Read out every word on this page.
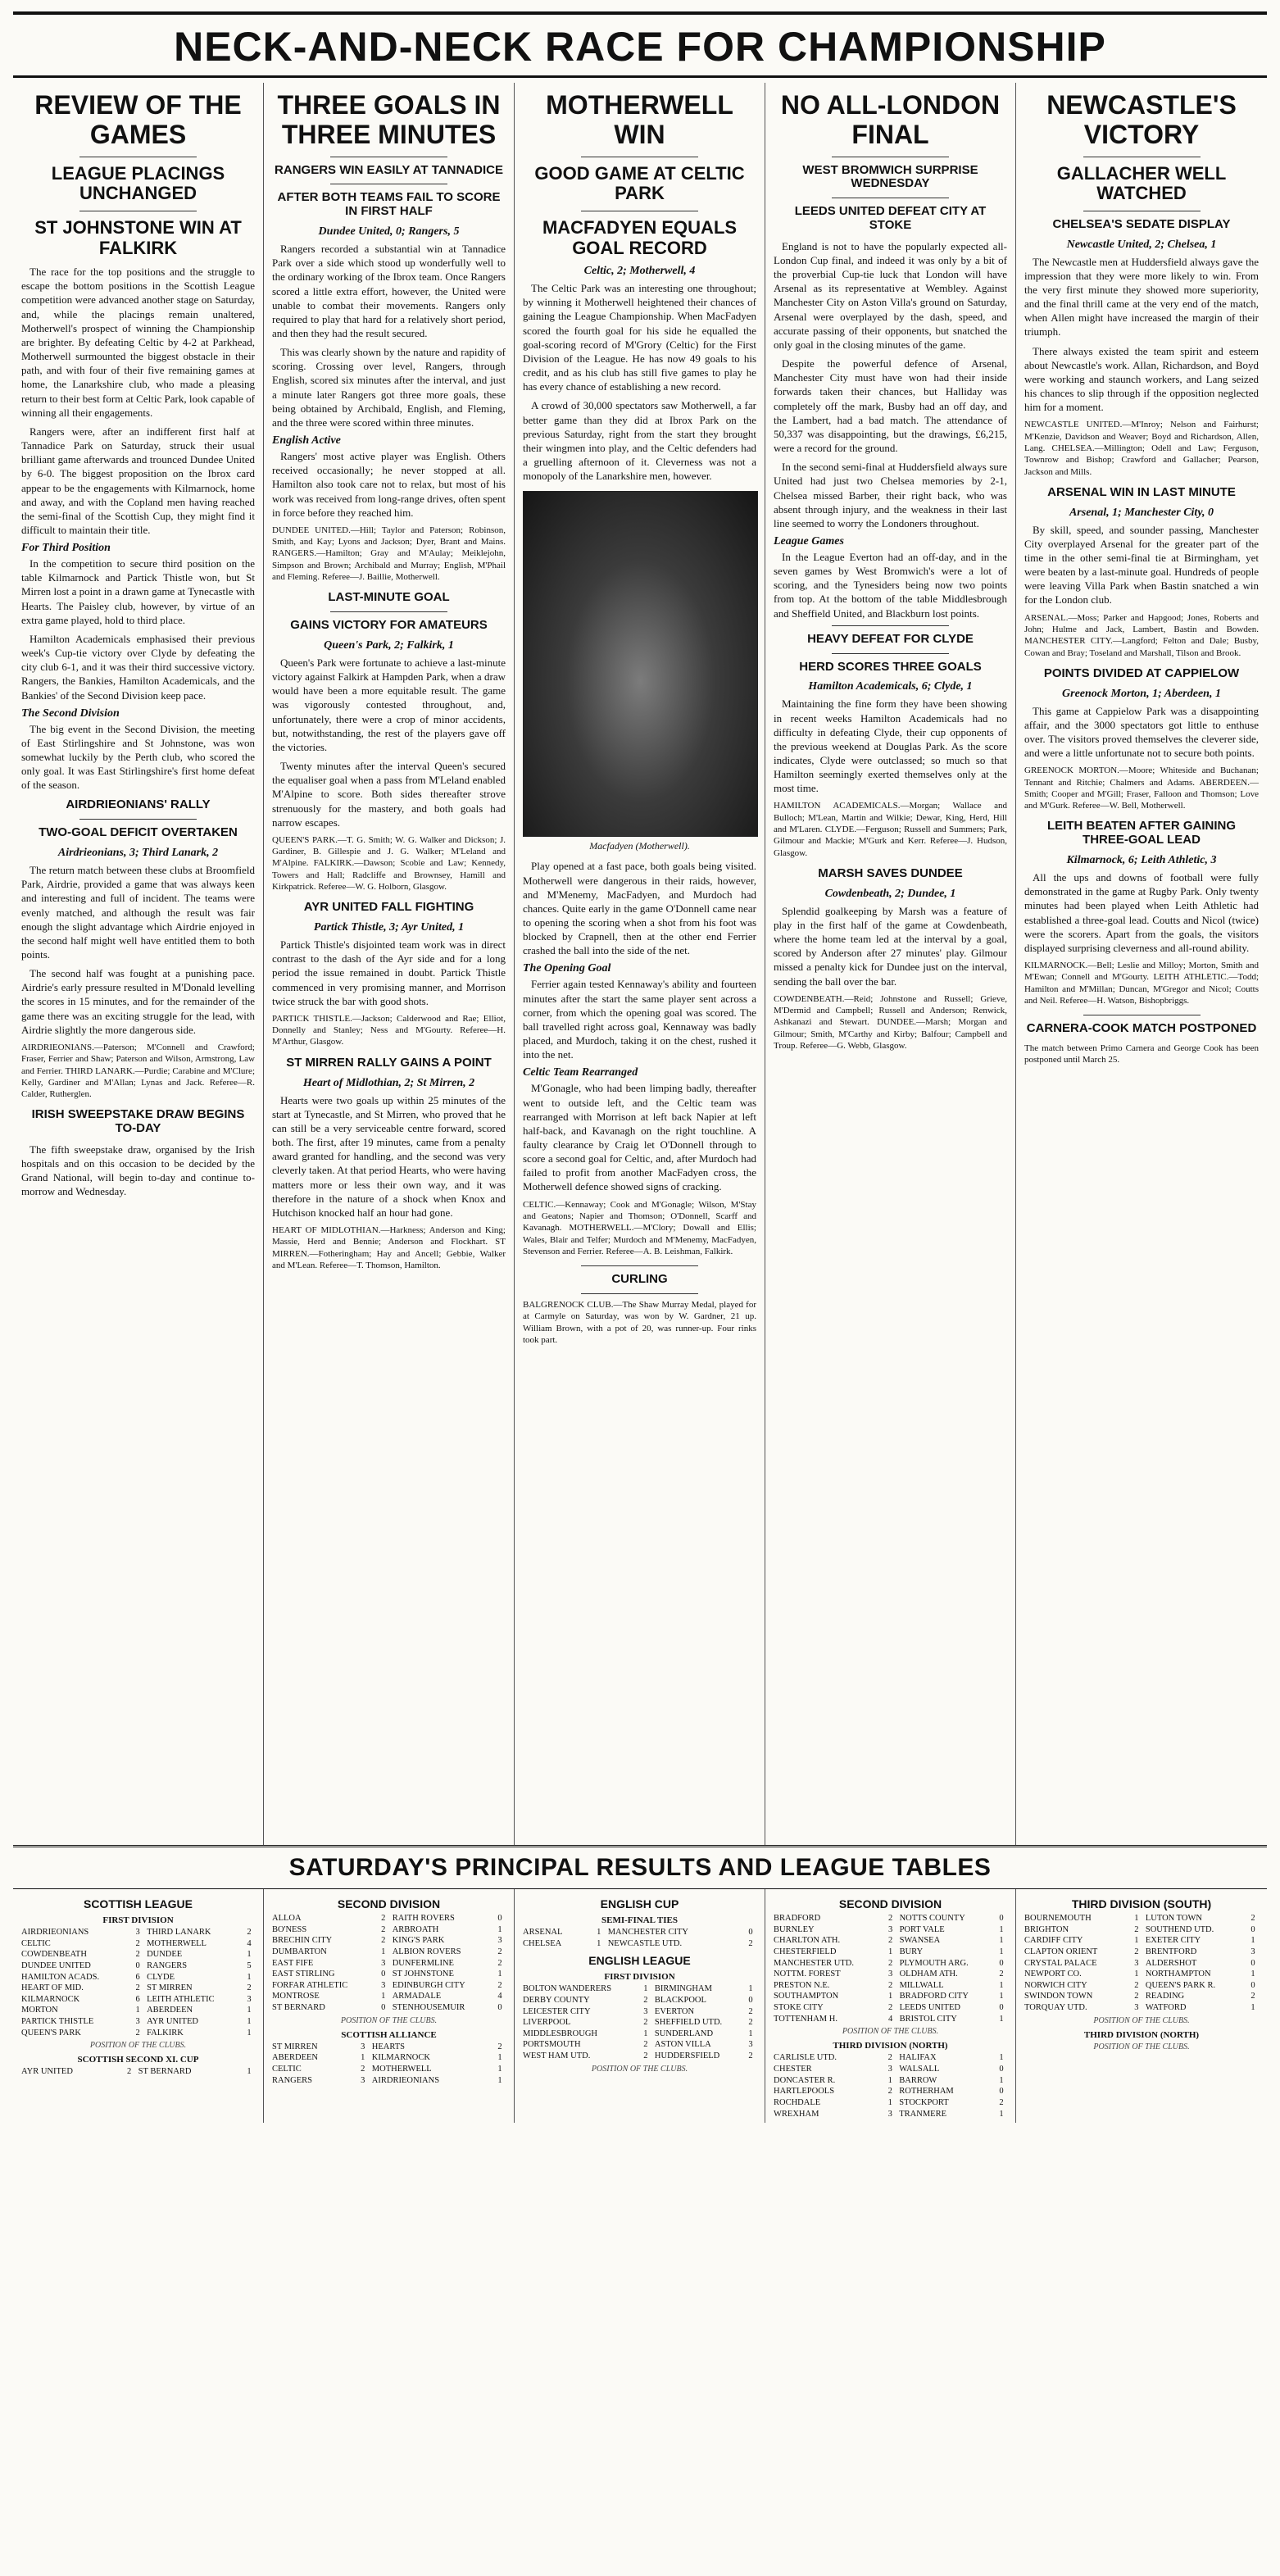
NECK-AND-NECK RACE FOR CHAMPIONSHIP
REVIEW OF THE GAMES
LEAGUE PLACINGS UNCHANGED
ST JOHNSTONE WIN AT FALKIRK

The race for the top positions and the struggle to escape the bottom positions in the Scottish League competition were advanced another stage on Saturday, and, while the placings remain unaltered, Motherwell's prospect of winning the Championship are brighter. By defeating Celtic by 4-2 at Parkhead, Motherwell surmounted the biggest obstacle in their path, and with four of their five remaining games at home, the Lanarkshire club, who made a pleasing return to their best form at Celtic Park, look capable of winning all their engagements.

Rangers were, after an indifferent first half at Tannadice Park on Saturday, struck their usual brilliant game afterwards and trounced Dundee United by 6-0. The biggest proposition on the Ibrox card appear to be the engagements with Kilmarnock, home and away, and with the Copland men having reached the semi-final of the Scottish Cup, they might find it difficult to maintain their title.

For Third Position

In the competition to secure third position on the table Kilmarnock and Partick Thistle won, but St Mirren lost a point in a drawn game at Tynecastle with Hearts. The Paisley club, however, by virtue of an extra game played, hold to third place.

Hamilton Academicals emphasised their previous week's Cup-tie victory over Clyde by defeating the city club 6-1, and it was their third successive victory. Rangers, the Bankies, Hamilton Academicals, and the Bankies' of the Second Division keep pace.

The Second Division

The big event in the Second Division, the meeting of East Stirlingshire and St Johnstone, was won somewhat luckily by the Perth club, who scored the only goal. It was East Stirlingshire's first home defeat of the season.

AIRDRIEONIANS' RALLY
TWO-GOAL DEFICIT OVERTAKEN
Airdrieonians, 3; Third Lanark, 2

The return match between these clubs at Broomfield Park, Airdrie, provided a game that was always keen and interesting and full of incident. The teams were evenly matched, and although the result was fair enough the slight advantage which Airdrie enjoyed in the second half might well have entitled them to both points.

The second half was fought at a punishing pace. Airdrie's early pressure resulted in M'Donald levelling the scores in 15 minutes, and for the remainder of the game there was an exciting struggle for the lead, with Airdrie slightly the more dangerous side.

AIRDRIEONIANS.—Paterson; M'Connell and Crawford; Fraser, Ferrier and Shaw; Paterson and Wilson, Armstrong, Law and Ferrier. THIRD LANARK.—Purdie; Carabine and M'Clure; Kelly, Gardiner and M'Allan; Lynas and Jack. Referee—R. Calder, Rutherglen.
IRISH SWEEPSTAKE DRAW BEGINS TO-DAY

The fifth sweepstake draw, organised by the Irish hospitals and on this occasion to be decided by the Grand National, will begin to-day and continue to-morrow and Wednesday.

THREE GOALS IN THREE MINUTES
RANGERS WIN EASILY AT TANNADICE
AFTER BOTH TEAMS FAIL TO SCORE IN FIRST HALF
Dundee United, 0; Rangers, 5

Rangers recorded a substantial win at Tannadice Park over a side which stood up wonderfully well to the ordinary working of the Ibrox team. Once Rangers scored a little extra effort, however, the United were unable to combat their movements. Rangers only required to play that hard for a relatively short period, and then they had the result secured.

This was clearly shown by the nature and rapidity of scoring. Crossing over level, Rangers, through English, scored six minutes after the interval, and just a minute later Rangers got three more goals, these being obtained by Archibald, English, and Fleming, and the three were scored within three minutes.

English Active

Rangers' most active player was English. Others received occasionally; he never stopped at all. Hamilton also took care not to relax, but most of his work was received from long-range drives, often spent in force before they reached him.

DUNDEE UNITED.—Hill; Taylor and Paterson; Robinson, Smith, and Kay; Lyons and Jackson; Dyer, Brant and Mains. RANGERS.—Hamilton; Gray and M'Aulay; Meiklejohn, Simpson and Brown; Archibald and Murray; English, M'Phail and Fleming. Referee—J. Baillie, Motherwell.
LAST-MINUTE GOAL
GAINS VICTORY FOR AMATEURS
Queen's Park, 2; Falkirk, 1

Queen's Park were fortunate to achieve a last-minute victory against Falkirk at Hampden Park, when a draw would have been a more equitable result. The game was vigorously contested throughout, and, unfortunately, there were a crop of minor accidents, but, notwithstanding, the rest of the players gave off the victories.

Twenty minutes after the interval Queen's secured the equaliser goal when a pass from M'Leland enabled M'Alpine to score. Both sides thereafter strove strenuously for the mastery, and both goals had narrow escapes.

QUEEN'S PARK.—T. G. Smith; W. G. Walker and Dickson; J. Gardiner, B. Gillespie and J. G. Walker; M'Leland and M'Alpine. FALKIRK.—Dawson; Scobie and Law; Kennedy, Towers and Hall; Radcliffe and Brownsey, Hamill and Kirkpatrick. Referee—W. G. Holborn, Glasgow.
AYR UNITED FALL FIGHTING
Partick Thistle, 3; Ayr United, 1

Partick Thistle's disjointed team work was in direct contrast to the dash of the Ayr side and for a long period the issue remained in doubt. Partick Thistle commenced in very promising manner, and Morrison twice struck the bar with good shots.

PARTICK THISTLE.—Jackson; Calderwood and Rae; Elliot, Donnelly and Stanley; Ness and M'Gourty. Referee—H. M'Arthur, Glasgow.
ST MIRREN RALLY GAINS A POINT
Heart of Midlothian, 2; St Mirren, 2

Hearts were two goals up within 25 minutes of the start at Tynecastle, and St Mirren, who proved that he can still be a very serviceable centre forward, scored both. The first, after 19 minutes, came from a penalty award granted for handling, and the second was very cleverly taken. At that period Hearts, who were having matters more or less their own way, and it was therefore in the nature of a shock when Knox and Hutchison knocked half an hour had gone.

HEART OF MIDLOTHIAN.—Harkness; Anderson and King; Massie, Herd and Bennie; Anderson and Flockhart. ST MIRREN.—Fotheringham; Hay and Ancell; Gebbie, Walker and M'Lean. Referee—T. Thomson, Hamilton.
MOTHERWELL WIN
GOOD GAME AT CELTIC PARK
MACFADYEN EQUALS GOAL RECORD
Celtic, 2; Motherwell, 4

The Celtic Park was an interesting one throughout; by winning it Motherwell heightened their chances of gaining the League Championship. When MacFadyen scored the fourth goal for his side he equalled the goal-scoring record of M'Grory (Celtic) for the First Division of the League. He has now 49 goals to his credit, and as his club has still five games to play he has every chance of establishing a new record.

A crowd of 30,000 spectators saw Motherwell, a far better game than they did at Ibrox Park on the previous Saturday, right from the start they brought their wingmen into play, and the Celtic defenders had a gruelling afternoon of it. Cleverness was not a monopoly of the Lanarkshire men, however.

Macfadyen (Motherwell).

Play opened at a fast pace, both goals being visited. Motherwell were dangerous in their raids, however, and M'Menemy, MacFadyen, and Murdoch had chances. Quite early in the game O'Donnell came near to opening the scoring when a shot from his foot was blocked by Crapnell, then at the other end Ferrier crashed the ball into the side of the net.

The Opening Goal

Ferrier again tested Kennaway's ability and fourteen minutes after the start the same player sent across a corner, from which the opening goal was scored. The ball travelled right across goal, Kennaway was badly placed, and Murdoch, taking it on the chest, rushed it into the net.

Celtic Team Rearranged

M'Gonagle, who had been limping badly, thereafter went to outside left, and the Celtic team was rearranged with Morrison at left back Napier at left half-back, and Kavanagh on the right touchline. A faulty clearance by Craig let O'Donnell through to score a second goal for Celtic, and, after Murdoch had failed to profit from another MacFadyen cross, the Motherwell defence showed signs of cracking.

CELTIC.—Kennaway; Cook and M'Gonagle; Wilson, M'Stay and Geatons; Napier and Thomson; O'Donnell, Scarff and Kavanagh. MOTHERWELL.—M'Clory; Dowall and Ellis; Wales, Blair and Telfer; Murdoch and M'Menemy, MacFadyen, Stevenson and Ferrier. Referee—A. B. Leishman, Falkirk.
CURLING
BALGRENOCK CLUB.—The Shaw Murray Medal, played for at Carmyle on Saturday, was won by W. Gardner, 21 up. William Brown, with a pot of 20, was runner-up. Four rinks took part.
NO ALL-LONDON FINAL
WEST BROMWICH SURPRISE WEDNESDAY
LEEDS UNITED DEFEAT CITY AT STOKE

England is not to have the popularly expected all-London Cup final, and indeed it was only by a bit of the proverbial Cup-tie luck that London will have Arsenal as its representative at Wembley. Against Manchester City on Aston Villa's ground on Saturday, Arsenal were overplayed by the dash, speed, and accurate passing of their opponents, but snatched the only goal in the closing minutes of the game.

Despite the powerful defence of Arsenal, Manchester City must have won had their inside forwards taken their chances, but Halliday was completely off the mark, Busby had an off day, and the Lambert, had a bad match. The attendance of 50,337 was disappointing, but the drawings, £6,215, were a record for the ground.

In the second semi-final at Huddersfield always sure United had just two Chelsea memories by 2-1, Chelsea missed Barber, their right back, who was absent through injury, and the weakness in their last line seemed to worry the Londoners throughout.

League Games

In the League Everton had an off-day, and in the seven games by West Bromwich's were a lot of scoring, and the Tynesiders being now two points from top. At the bottom of the table Middlesbrough and Sheffield United, and Blackburn lost points.

HEAVY DEFEAT FOR CLYDE
HERD SCORES THREE GOALS
Hamilton Academicals, 6; Clyde, 1

Maintaining the fine form they have been showing in recent weeks Hamilton Academicals had no difficulty in defeating Clyde, their cup opponents of the previous weekend at Douglas Park. As the score indicates, Clyde were outclassed; so much so that Hamilton seemingly exerted themselves only at the most time.

HAMILTON ACADEMICALS.—Morgan; Wallace and Bulloch; M'Lean, Martin and Wilkie; Dewar, King, Herd, Hill and M'Laren. CLYDE.—Ferguson; Russell and Summers; Park, Gilmour and Mackie; M'Gurk and Kerr. Referee—J. Hudson, Glasgow.
MARSH SAVES DUNDEE
Cowdenbeath, 2; Dundee, 1

Splendid goalkeeping by Marsh was a feature of play in the first half of the game at Cowdenbeath, where the home team led at the interval by a goal, scored by Anderson after 27 minutes' play. Gilmour missed a penalty kick for Dundee just on the interval, sending the ball over the bar.

COWDENBEATH.—Reid; Johnstone and Russell; Grieve, M'Dermid and Campbell; Russell and Anderson; Renwick, Ashkanazi and Stewart. DUNDEE.—Marsh; Morgan and Gilmour; Smith, M'Carthy and Kirby; Balfour; Campbell and Troup. Referee—G. Webb, Glasgow.
NEWCASTLE'S VICTORY
GALLACHER WELL WATCHED
CHELSEA'S SEDATE DISPLAY
Newcastle United, 2; Chelsea, 1

The Newcastle men at Huddersfield always gave the impression that they were more likely to win. From the very first minute they showed more superiority, and the final thrill came at the very end of the match, when Allen might have increased the margin of their triumph.

There always existed the team spirit and esteem about Newcastle's work. Allan, Richardson, and Boyd were working and staunch workers, and Lang seized his chances to slip through if the opposition neglected him for a moment.

NEWCASTLE UNITED.—M'Inroy; Nelson and Fairhurst; M'Kenzie, Davidson and Weaver; Boyd and Richardson, Allen, Lang. CHELSEA.—Millington; Odell and Law; Ferguson, Townrow and Bishop; Crawford and Gallacher; Pearson, Jackson and Mills.
ARSENAL WIN IN LAST MINUTE
Arsenal, 1; Manchester City, 0

By skill, speed, and sounder passing, Manchester City overplayed Arsenal for the greater part of the time in the other semi-final tie at Birmingham, yet were beaten by a last-minute goal. Hundreds of people were leaving Villa Park when Bastin snatched a win for the London club.

ARSENAL.—Moss; Parker and Hapgood; Jones, Roberts and John; Hulme and Jack, Lambert, Bastin and Bowden. MANCHESTER CITY.—Langford; Felton and Dale; Busby, Cowan and Bray; Toseland and Marshall, Tilson and Brook.
POINTS DIVIDED AT CAPPIELOW
Greenock Morton, 1; Aberdeen, 1

This game at Cappielow Park was a disappointing affair, and the 3000 spectators got little to enthuse over. The visitors proved themselves the cleverer side, and were a little unfortunate not to secure both points.

GREENOCK MORTON.—Moore; Whiteside and Buchanan; Tennant and Ritchie; Chalmers and Adams. ABERDEEN.—Smith; Cooper and M'Gill; Fraser, Falloon and Thomson; Love and M'Gurk. Referee—W. Bell, Motherwell.
LEITH BEATEN AFTER GAINING THREE-GOAL LEAD
Kilmarnock, 6; Leith Athletic, 3

All the ups and downs of football were fully demonstrated in the game at Rugby Park. Only twenty minutes had been played when Leith Athletic had established a three-goal lead. Coutts and Nicol (twice) were the scorers. Apart from the goals, the visitors displayed surprising cleverness and all-round ability.

KILMARNOCK.—Bell; Leslie and Milloy; Morton, Smith and M'Ewan; Connell and M'Gourty. LEITH ATHLETIC.—Todd; Hamilton and M'Millan; Duncan, M'Gregor and Nicol; Coutts and Neil. Referee—H. Watson, Bishopbriggs.
CARNERA-COOK MATCH POSTPONED
The match between Primo Carnera and George Cook has been postponed until March 25.
SATURDAY'S PRINCIPAL RESULTS AND LEAGUE TABLES
SCOTTISH LEAGUE
FIRST DIVISION
AIRDRIEONIANS	3	THIRD LANARK	2
CELTIC	2	MOTHERWELL	4
COWDENBEATH	2	DUNDEE	1
DUNDEE UNITED	0	RANGERS	5
HAMILTON ACADS.	6	CLYDE	1
HEART OF MID.	2	ST MIRREN	2
KILMARNOCK	6	LEITH ATHLETIC	3
MORTON	1	ABERDEEN	1
PARTICK THISTLE	3	AYR UNITED	1
QUEEN'S PARK	2	FALKIRK	1
POSITION OF THE CLUBS.
SCOTTISH SECOND XI. CUP
AYR UNITED	2	ST BERNARD	1
SECOND DIVISION
ALLOA	2	RAITH ROVERS	0
BO'NESS	2	ARBROATH	1
BRECHIN CITY	2	KING'S PARK	3
DUMBARTON	1	ALBION ROVERS	2
EAST FIFE	3	DUNFERMLINE	2
EAST STIRLING	0	ST JOHNSTONE	1
FORFAR ATHLETIC	3	EDINBURGH CITY	2
MONTROSE	1	ARMADALE	4
ST BERNARD	0	STENHOUSEMUIR	0
POSITION OF THE CLUBS.
SCOTTISH ALLIANCE
ST MIRREN	3	HEARTS	2
ABERDEEN	1	KILMARNOCK	1
CELTIC	2	MOTHERWELL	1
RANGERS	3	AIRDRIEONIANS	1
ENGLISH CUP
SEMI-FINAL TIES
ARSENAL	1	MANCHESTER CITY	0
CHELSEA	1	NEWCASTLE UTD.	2
ENGLISH LEAGUE
FIRST DIVISION
BOLTON WANDERERS	1	BIRMINGHAM	1
DERBY COUNTY	2	BLACKPOOL	0
LEICESTER CITY	3	EVERTON	2
LIVERPOOL	2	SHEFFIELD UTD.	2
MIDDLESBROUGH	1	SUNDERLAND	1
PORTSMOUTH	2	ASTON VILLA	3
WEST HAM UTD.	2	HUDDERSFIELD	2
POSITION OF THE CLUBS.
SECOND DIVISION
BRADFORD	2	NOTTS COUNTY	0
BURNLEY	3	PORT VALE	1
CHARLTON ATH.	2	SWANSEA	1
CHESTERFIELD	1	BURY	1
MANCHESTER UTD.	2	PLYMOUTH ARG.	0
NOTTM. FOREST	3	OLDHAM ATH.	2
PRESTON N.E.	2	MILLWALL	1
SOUTHAMPTON	1	BRADFORD CITY	1
STOKE CITY	2	LEEDS UNITED	0
TOTTENHAM H.	4	BRISTOL CITY	1
POSITION OF THE CLUBS.
THIRD DIVISION (NORTH)
CARLISLE UTD.	2	HALIFAX	1
CHESTER	3	WALSALL	0
DONCASTER R.	1	BARROW	1
HARTLEPOOLS	2	ROTHERHAM	0
ROCHDALE	1	STOCKPORT	2
WREXHAM	3	TRANMERE	1
THIRD DIVISION (SOUTH)
BOURNEMOUTH	1	LUTON TOWN	2
BRIGHTON	2	SOUTHEND UTD.	0
CARDIFF CITY	1	EXETER CITY	1
CLAPTON ORIENT	2	BRENTFORD	3
CRYSTAL PALACE	3	ALDERSHOT	0
NEWPORT CO.	1	NORTHAMPTON	1
NORWICH CITY	2	QUEEN'S PARK R.	0
SWINDON TOWN	2	READING	2
TORQUAY UTD.	3	WATFORD	1
POSITION OF THE CLUBS.
THIRD DIVISION (NORTH)
POSITION OF THE CLUBS.
